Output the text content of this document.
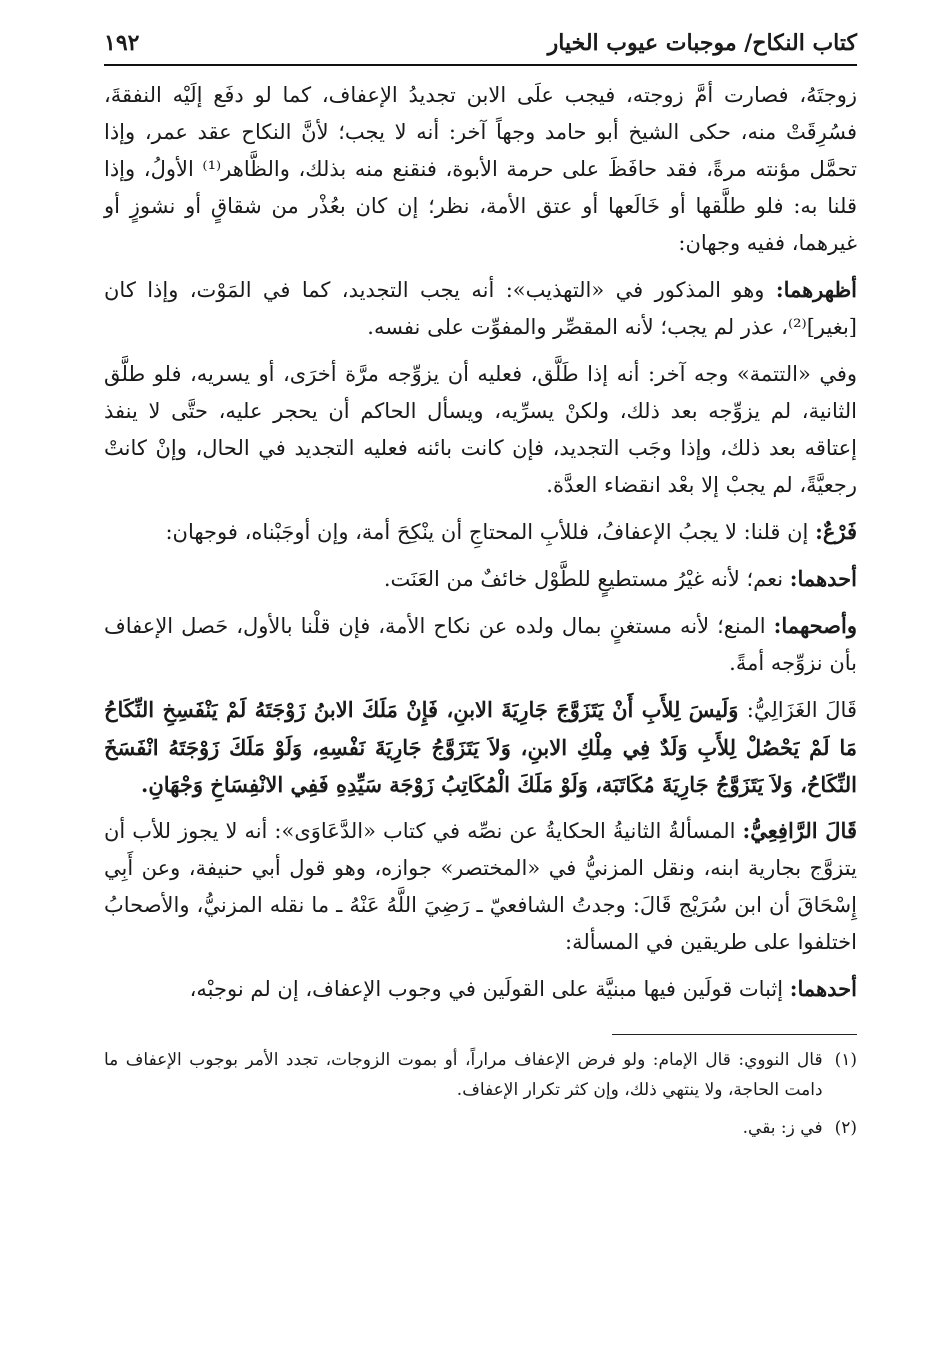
كتاب النكاح/ موجبات عيوب الخيار
١٩٢

زوجتَهُ، فصارت أمَّ زوجته، فيجب علَى الابن تجديدُ الإعفاف، كما لو دفَع إلَيْه النفقةَ، فسُرِقَتْ منه، حكى الشيخ أبو حامد وجهاً آخر: أنه لا يجب؛ لأنَّ النكاح عقد عمر، وإذا تحمَّل مؤنته مرةً، فقد حافَظَ على حرمة الأبوة، فنقنع منه بذلك، والظَّاهر⁽¹⁾ الأولُ، وإذا قلنا به: فلو طلَّقها أو خَالَعها أو عتق الأمة، نظر؛ إن كان بعُذْر من شقاقٍ أو نشوزٍ أو غيرهما، ففيه وجهان:

أظهرهما: وهو المذكور في «التهذيب»: أنه يجب التجديد، كما في المَوْت، وإذا كان [بغير]⁽²⁾، عذر لم يجب؛ لأنه المقصِّر والمفوِّت على نفسه.

وفي «التتمة» وجه آخر: أنه إذا طَلَّق، فعليه أن يزوِّجه مرَّة أخرَى، أو يسريه، فلو طلَّق الثانية، لم يزوِّجه بعد ذلك، ولكنْ يسرِّيه، ويسأل الحاكم أن يحجر عليه، حتَّى لا ينفذ إعتاقه بعد ذلك، وإذا وجَب التجديد، فإن كانت بائنه فعليه التجديد في الحال، وإنْ كانتْ رجعيَّةً، لم يجبْ إلا بعْد انقضاء العدَّة.

فَرْعٌ: إن قلنا: لا يجبُ الإعفافُ، فللأبِ المحتاجِ أن ينْكِحَ أمة، وإن أوجَبْناه، فوجهان:

أحدهما: نعم؛ لأنه غيْرُ مستطيعٍ للطَّوْل خائفٌ من العَنَت.

وأصحهما: المنع؛ لأنه مستغنٍ بمال ولده عن نكاح الأمة، فإن قلْنا بالأول، حَصل الإعفاف بأن نزوِّجه أمةً.

قَالَ الغَزَالِيُّ: وَلَيسَ لِلأَبِ أَنْ يَتَزَوَّجَ جَارِيَةَ الابنِ، فَإِنْ مَلَكَ الابنُ زَوْجَتَهُ لَمْ يَنْفَسِخِ النِّكَاحُ مَا لَمْ يَحْصُلْ لِلأَبِ وَلَدٌ فِي مِلْكِ الابنِ، وَلاَ يَتَزَوَّجُ جَارِيَةَ نَفْسِهِ، وَلَوْ مَلَكَ زَوْجَتَهُ انْفَسَخَ النِّكَاحُ، وَلاَ يَتَزَوَّجُ جَارِيَةَ مُكَاتَبَة، وَلَوْ مَلَكَ الْمُكَاتِبُ زَوْجَة سَيِّدِهِ فَفِي الانْفِسَاخِ وَجْهَانِ.

قَالَ الرَّافِعِيُّ: المسألةُ الثانيةُ الحكايةُ عن نصِّه في كتاب «الدَّعَاوَى»: أنه لا يجوز للأب أن يتزوَّج بجارية ابنه، ونقل المزنيُّ في «المختصر» جوازه، وهو قول أبي حنيفة، وعن أَبِي إِسْحَاقَ أن ابن سُرَيْج قَالَ: وجدتُ الشافعيّ ـ رَضِيَ اللَّهُ عَنْهُ ـ ما نقله المزنيُّ، والأصحابُ اختلفوا على طريقين في المسألة:

أحدهما: إثبات قولَين فيها مبنيَّة على القولَين في وجوب الإعفاف، إن لم نوجبْه،

(١)
قال النووي: قال الإمام: ولو فرض الإعفاف مراراً، أو بموت الزوجات، تجدد الأمر بوجوب الإعفاف ما دامت الحاجة، ولا ينتهي ذلك، وإن كثر تكرار الإعفاف.
(٢)
في ز: بقي.
